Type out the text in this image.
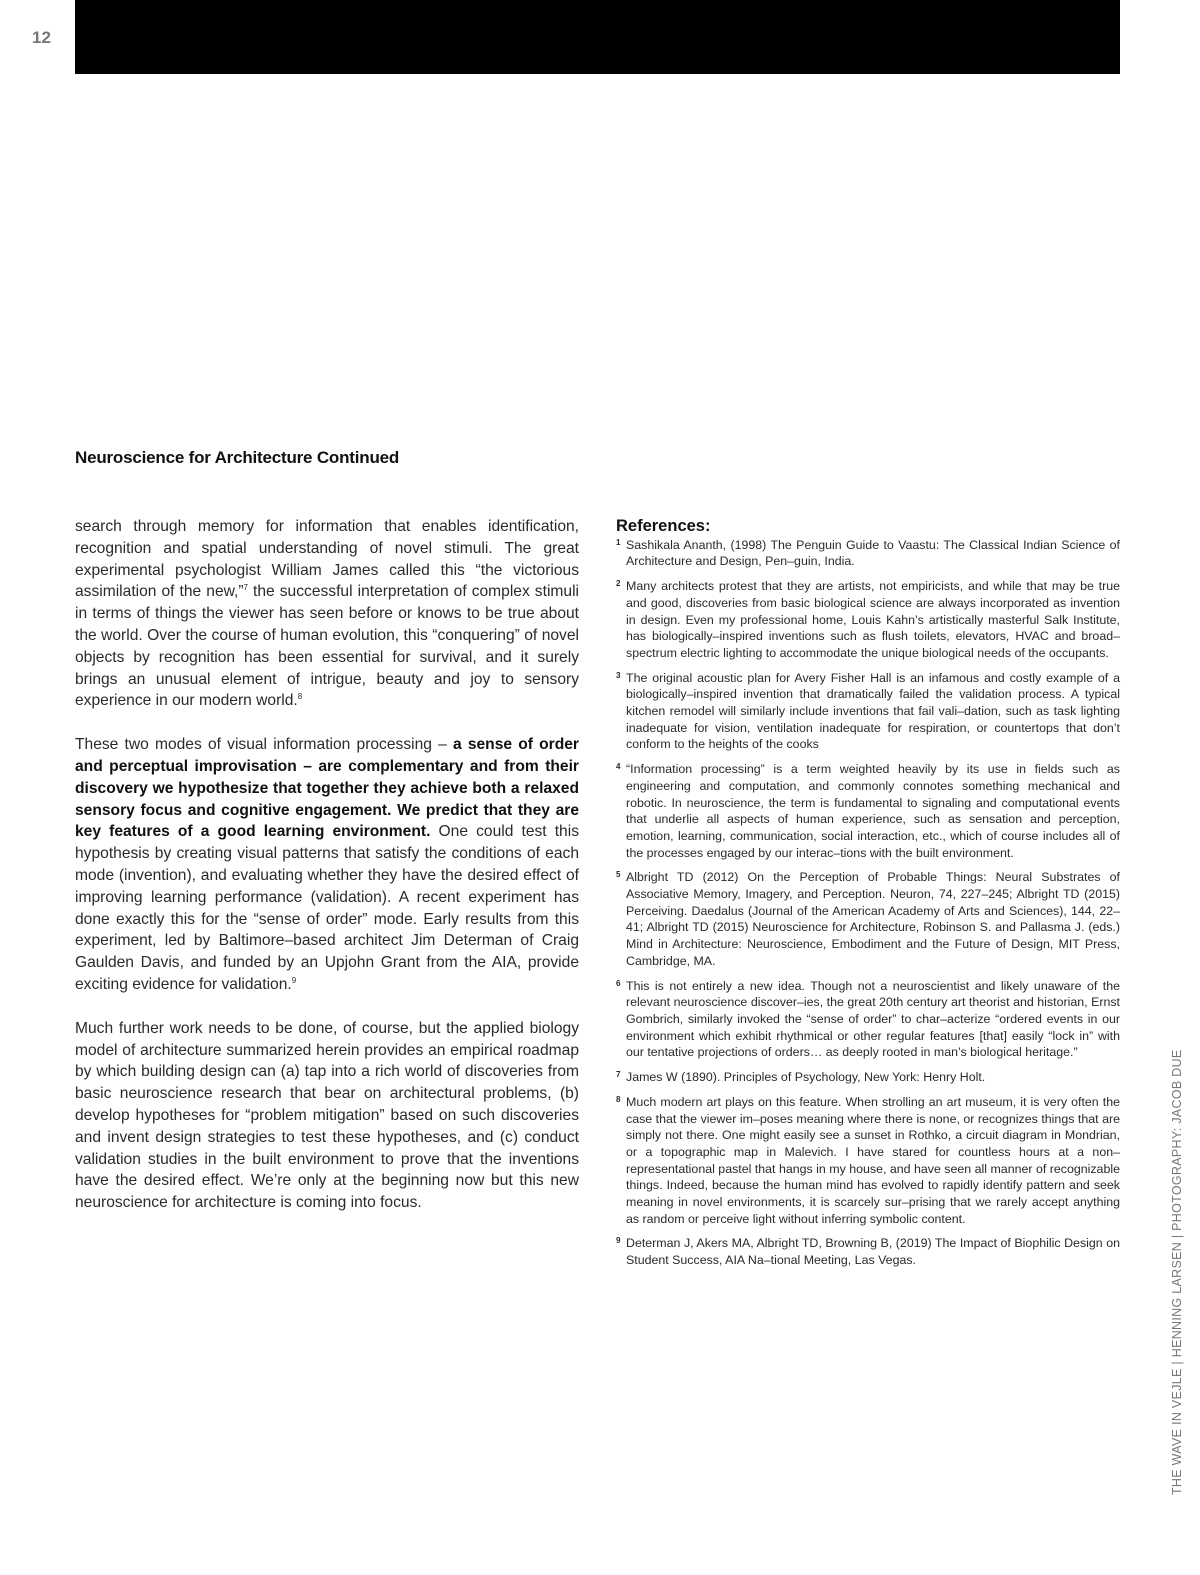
12
Neuroscience for Architecture Continued

search through memory for information that enables identification, recognition and spatial understanding of novel stimuli. The great experimental psychologist William James called this “the victorious assimilation of the new,”$^7$ the successful interpretation of complex stimuli in terms of things the viewer has seen before or knows to be true about the world. Over the course of human evolution, this “conquering” of novel objects by recognition has been essential for survival, and it surely brings an unusual element of intrigue, beauty and joy to sensory experience in our modern world.$^8$

These two modes of visual information processing – a sense of order and perceptual improvisation – are complementary and from their discovery we hypothesize that together they achieve both a relaxed sensory focus and cognitive engagement. We predict that they are key features of a good learning environment. One could test this hypothesis by creating visual patterns that satisfy the conditions of each mode (invention), and evaluating whether they have the desired effect of improving learning performance (validation). A recent experiment has done exactly this for the “sense of order” mode. Early results from this experiment, led by Baltimore–based architect Jim Determan of Craig Gaulden Davis, and funded by an Upjohn Grant from the AIA, provide exciting evidence for validation.$^9$

Much further work needs to be done, of course, but the applied biology model of architecture summarized herein provides an empirical roadmap by which building design can (a) tap into a rich world of discoveries from basic neuroscience research that bear on architectural problems, (b) develop hypotheses for “problem mitigation” based on such discoveries and invent design strategies to test these hypotheses, and (c) conduct validation studies in the built environment to prove that the inventions have the desired effect. We’re only at the beginning now but this new neuroscience for architecture is coming into focus.

References:
1 Sashikala Ananth, (1998) The Penguin Guide to Vaastu: The Classical Indian Science of Architecture and Design, Pen–guin, India.
2 Many architects protest that they are artists, not empiricists, and while that may be true and good, discoveries from basic biological science are always incorporated as invention in design. Even my professional home, Louis Kahn’s artistically masterful Salk Institute, has biologically–inspired inventions such as flush toilets, elevators, HVAC and broad–spectrum electric lighting to accommodate the unique biological needs of the occupants.
3 The original acoustic plan for Avery Fisher Hall is an infamous and costly example of a biologically–inspired invention that dramatically failed the validation process. A typical kitchen remodel will similarly include inventions that fail vali–dation, such as task lighting inadequate for vision, ventilation inadequate for respiration, or countertops that don’t conform to the heights of the cooks
4 “Information processing” is a term weighted heavily by its use in fields such as engineering and computation, and commonly connotes something mechanical and robotic. In neuroscience, the term is fundamental to signaling and computational events that underlie all aspects of human experience, such as sensation and perception, emotion, learning, communication, social interaction, etc., which of course includes all of the processes engaged by our interac–tions with the built environment.
5 Albright TD (2012) On the Perception of Probable Things: Neural Substrates of Associative Memory, Imagery, and Perception. Neuron, 74, 227–245; Albright TD (2015) Perceiving. Daedalus (Journal of the American Academy of Arts and Sciences), 144, 22–41; Albright TD (2015) Neuroscience for Architecture, Robinson S. and Pallasma J. (eds.) Mind in Architecture: Neuroscience, Embodiment and the Future of Design, MIT Press, Cambridge, MA.
6 This is not entirely a new idea. Though not a neuroscientist and likely unaware of the relevant neuroscience discover–ies, the great 20th century art theorist and historian, Ernst Gombrich, similarly invoked the “sense of order” to char–acterize “ordered events in our environment which exhibit rhythmical or other regular features [that] easily “lock in” with our tentative projections of orders… as deeply rooted in man’s biological heritage.”
7 James W (1890). Principles of Psychology, New York: Henry Holt.
8 Much modern art plays on this feature. When strolling an art museum, it is very often the case that the viewer im–poses meaning where there is none, or recognizes things that are simply not there. One might easily see a sunset in Rothko, a circuit diagram in Mondrian, or a topographic map in Malevich. I have stared for countless hours at a non–representational pastel that hangs in my house, and have seen all manner of recognizable things. Indeed, because the human mind has evolved to rapidly identify pattern and seek meaning in novel environments, it is scarcely sur–prising that we rarely accept anything as random or perceive light without inferring symbolic content.
9 Determan J, Akers MA, Albright TD, Browning B, (2019) The Impact of Biophilic Design on Student Success, AIA Na–tional Meeting, Las Vegas.	THE WAVE IN VEJLE | HENNING LARSEN | PHOTOGRAPHY: JACOB DUE
